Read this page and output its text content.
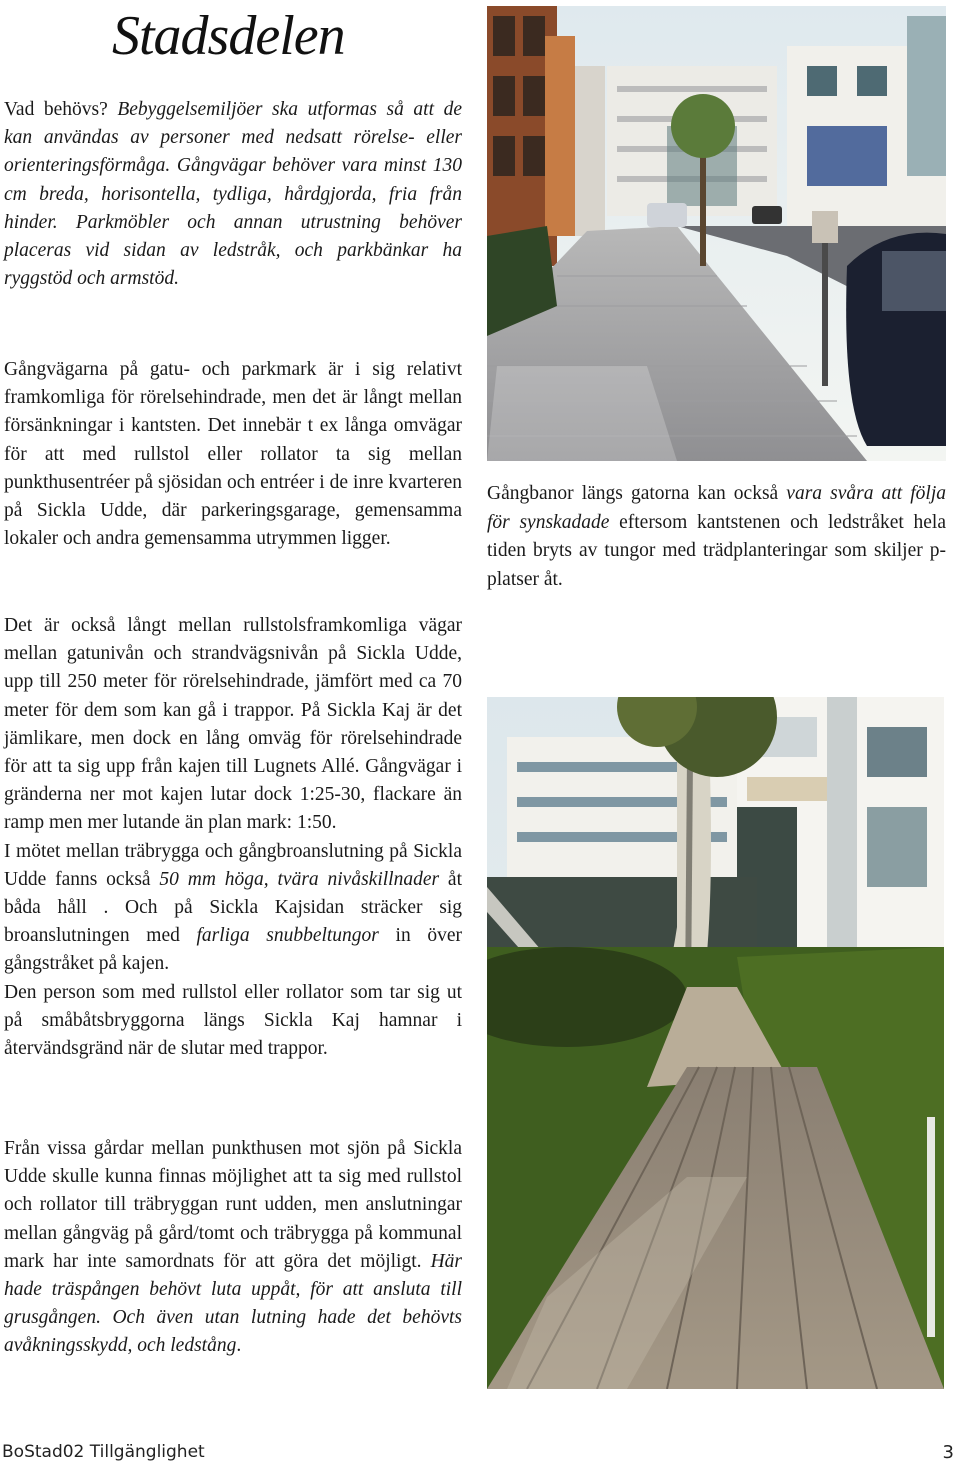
Stadsdelen

Vad behövs? Bebyggelsemiljöer ska utformas så att de kan användas av personer med nedsatt rörelse- eller orienteringsförmåga. Gångvägar behöver vara minst 130 cm breda, horisontella, tydliga, hårdgjorda, fria från hinder. Parkmöbler och annan utrustning behöver placeras vid sidan av ledstråk, och parkbänkar ha ryggstöd och armstöd.

Gångvägarna på gatu- och parkmark är i sig relativt framkomliga för rörelsehindrade, men det är långt mellan försänkningar i kantsten. Det innebär t ex långa omvägar för att med rullstol eller rollator ta sig mellan punkthusentréer på sjösidan och entréer i de inre kvarteren på Sickla Udde, där parkeringsgarage, gemensamma lokaler och andra gemensamma utrymmen ligger.

Det är också långt mellan rullstolsframkomliga vägar mellan gatunivån och strandvägsnivån på Sickla Udde, upp till 250 meter för rörelsehindrade, jämfört med ca 70 meter för dem som kan gå i trappor. På Sickla Kaj är det jämlikare, men dock en lång omväg för rörelsehindrade för att ta sig upp från kajen till Lugnets Allé. Gångvägar i gränderna ner mot kajen lutar dock 1:25-30, flackare än ramp men mer lutande än plan mark: 1:50.

I mötet mellan träbrygga och gångbroanslutning på Sickla Udde fanns också 50 mm höga, tvära nivåskillnader åt båda håll . Och på Sickla Kajsidan sträcker sig broanslutningen med farliga snubbeltungor in över gångstråket på kajen.

Den person som med rullstol eller rollator som tar sig ut på småbåtsbryggorna längs Sickla Kaj hamnar i återvändsgränd när de slutar med trappor.

Från vissa gårdar mellan punkthusen mot sjön på Sickla Udde skulle kunna finnas möjlighet att ta sig med rullstol och rollator till träbryggan runt udden, men anslutningar mellan gångväg på gård/tomt och träbrygga på kommunal mark har inte samordnats för att göra det möjligt. Här hade träspången behövt luta uppåt, för att ansluta till grusgången. Och även utan lutning hade det behövts avåkningsskydd, och ledstång.

Gångbanor längs gatorna kan också vara svåra att följa för synskadade eftersom kantstenen och ledstråket hela tiden bryts av tungor med trädplanteringar som skiljer p-platser åt.

BoStad02 Tillgänglighet	3
